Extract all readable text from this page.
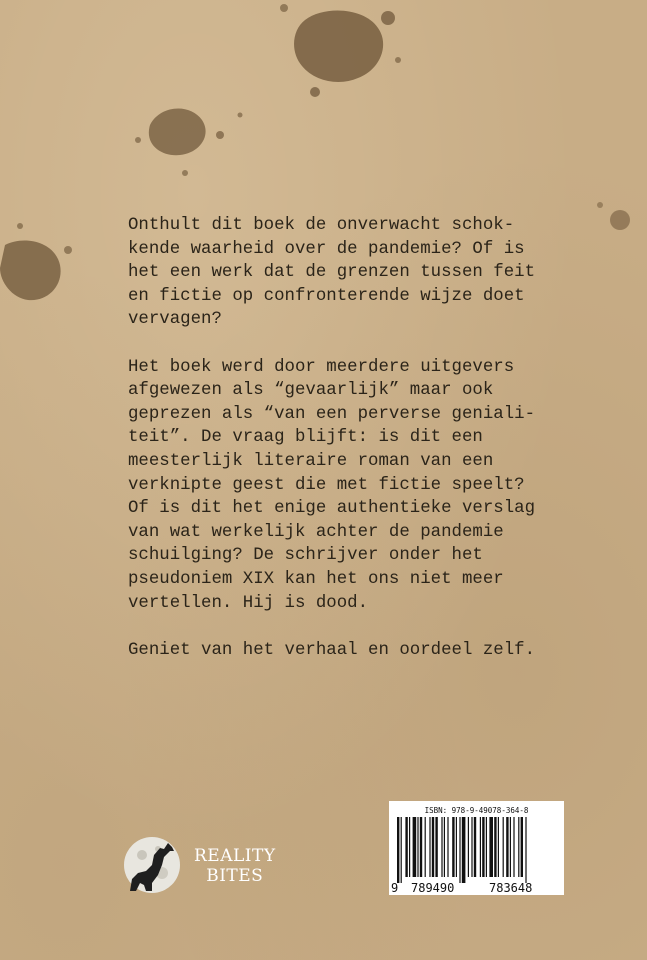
Onthult dit boek de onverwacht schok-
kende waarheid over de pandemie? Of is
het een werk dat de grenzen tussen feit
en fictie op confronterende wijze doet
vervagen?

Het boek werd door meerdere uitgevers
afgewezen als “gevaarlijk” maar ook
geprezen als “van een perverse geniali-
teit”. De vraag blijft: is dit een
meesterlijk literaire roman van een
verknipte geest die met fictie speelt?
Of is dit het enige authentieke verslag
van wat werkelijk achter de pandemie
schuilging? De schrijver onder het
pseudoniem XIX kan het ons niet meer
vertellen. Hij is dood.

Geniet van het verhaal en oordeel zelf.

REALITY
BITES
ISBN: 978-9-49078-364-8
9 789490	783648
